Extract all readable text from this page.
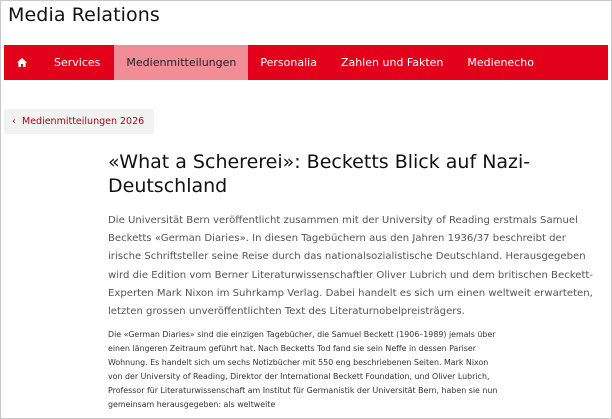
Media Relations
Services	Medienmitteilungen	Personalia	Zahlen und Fakten	Medienecho
‹ Medienmitteilungen 2026
«What a Schererei»: Becketts Blick auf Nazi-Deutschland

Die Universität Bern veröffentlicht zusammen mit der University of Reading erstmals Samuel Becketts «German Diaries». In diesen Tagebüchern aus den Jahren 1936/37 beschreibt der irische Schriftsteller seine Reise durch das nationalsozialistische Deutschland. Herausgegeben wird die Edition vom Berner Literaturwissenschaftler Oliver Lubrich und dem britischen Beckett-Experten Mark Nixon im Suhrkamp Verlag. Dabei handelt es sich um einen weltweit erwarteten, letzten grossen unveröffentlichten Text des Literaturnobelpreisträgers.

Die «German Diaries» sind die einzigen Tagebücher, die Samuel Beckett (1906–1989) jemals über einen längeren Zeitraum geführt hat. Nach Becketts Tod fand sie sein Neffe in dessen Pariser Wohnung. Es handelt sich um sechs Notizbücher mit 550 eng beschriebenen Seiten. Mark Nixon von der University of Reading, Direktor der International Beckett Foundation, und Oliver Lubrich, Professor für Literaturwissenschaft am Institut für Germanistik der Universität Bern, haben sie nun gemeinsam herausgegeben: als weltweite
